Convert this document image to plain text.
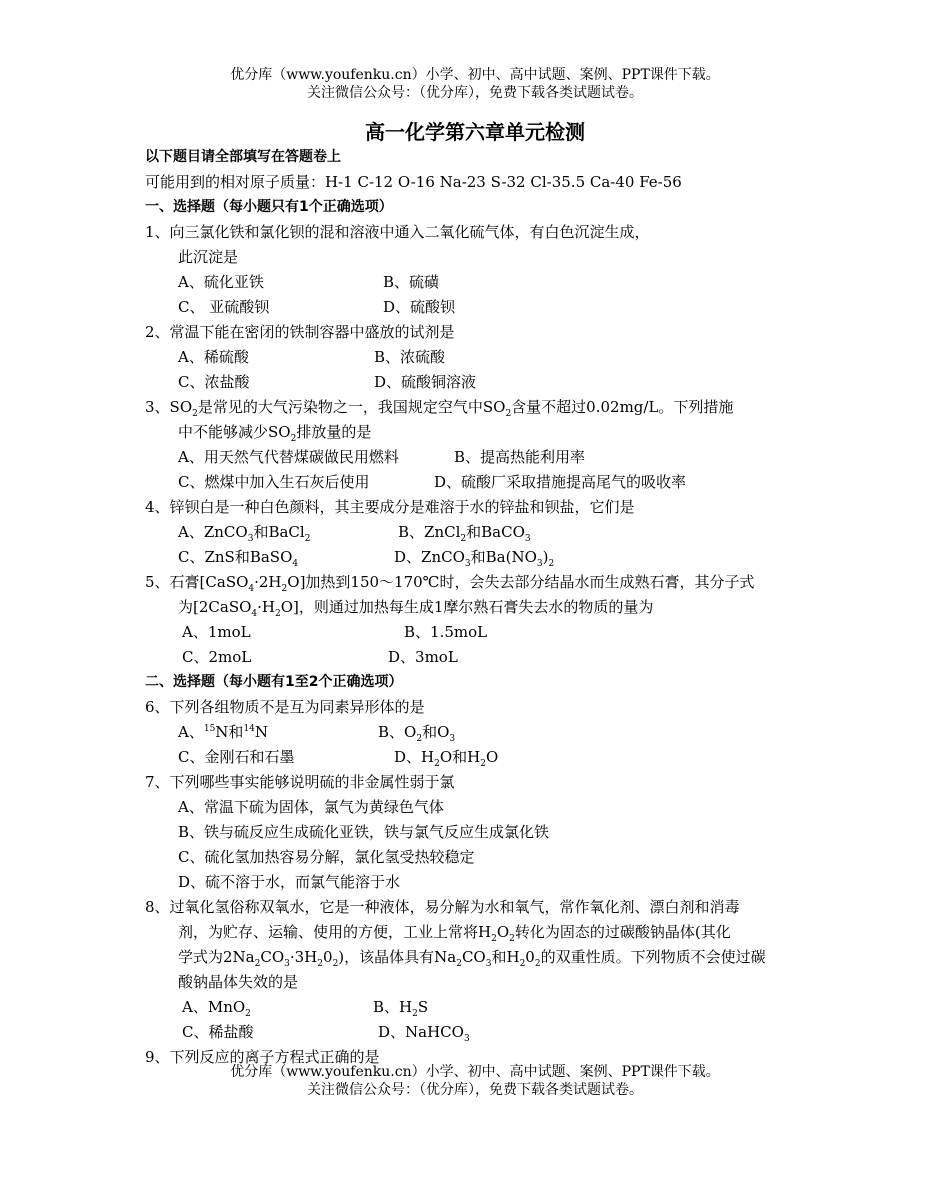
优分库（www.youfenku.cn）小学、初中、高中试题、案例、PPT课件下载。
关注微信公众号：（优分库），免费下载各类试题试卷。
高一化学第六章单元检测
以下题目请全部填写在答题卷上
可能用到的相对原子质量：H-1 C-12 O-16 Na-23 S-32 Cl-35.5 Ca-40 Fe-56
一、选择题（每小题只有1个正确选项）
1、向三氯化铁和氯化钡的混和溶液中通入二氧化硫气体，有白色沉淀生成，
此沉淀是
A、硫化亚铁	B、硫磺
C、 亚硫酸钡	D、硫酸钡
2、常温下能在密闭的铁制容器中盛放的试剂是
A、稀硫酸	B、浓硫酸
C、浓盐酸	D、硫酸铜溶液
3、$SO_2$是常见的大气污染物之一，我国规定空气中$SO_2$含量不超过0.02mg/L。下列措施
中不能够减少$SO_2$排放量的是
A、用天然气代替煤碳做民用燃料	B、提高热能利用率
C、燃煤中加入生石灰后使用	D、硫酸厂采取措施提高尾气的吸收率
4、锌钡白是一种白色颜料，其主要成分是难溶于水的锌盐和钡盐，它们是
A、ZnCO$_3$和BaCl$_2$	B、ZnCl$_2$和BaCO$_3$
C、ZnS和BaSO$_4$	D、ZnCO$_3$和$Ba(NO_3)_2$
5、石膏$[CaSO_4\cdot 2H_2O]$加热到150～170℃时，会失去部分结晶水而生成熟石膏，其分子式
为$[2CaSO_4\cdot H_2O]$，则通过加热每生成1摩尔熟石膏失去水的物质的量为
A、1moL	B、1.5moL
C、2moL	D、3moL
二、选择题（每小题有1至2个正确选项）
6、下列各组物质不是互为同素异形体的是
A、$^{15}$N和$^{14}$N	B、$O_2$和$O_3$
C、金刚石和石墨	D、$H_2O$和$H_2O$
7、下列哪些事实能够说明硫的非金属性弱于氯
A、常温下硫为固体，氯气为黄绿色气体
B、铁与硫反应生成硫化亚铁，铁与氯气反应生成氯化铁
C、硫化氢加热容易分解，氯化氢受热较稳定
D、硫不溶于水，而氯气能溶于水
8、过氧化氢俗称双氧水，它是一种液体，易分解为水和氧气，常作氧化剂、漂白剂和消毒
剂，为贮存、运输、使用的方便，工业上常将$H_2O_2$转化为固态的过碳酸钠晶体(其化
学式为$2Na_2CO_3\cdot 3H_20_2$)，该晶体具有$Na_2CO_3$和$H_20_2$的双重性质。下列物质不会使过碳
酸钠晶体失效的是
A、MnO$_2$	B、$H_2S$
C、稀盐酸	D、NaHCO$_3$
9、下列反应的离子方程式正确的是
优分库（www.youfenku.cn）小学、初中、高中试题、案例、PPT课件下载。
关注微信公众号：（优分库），免费下载各类试题试卷。
